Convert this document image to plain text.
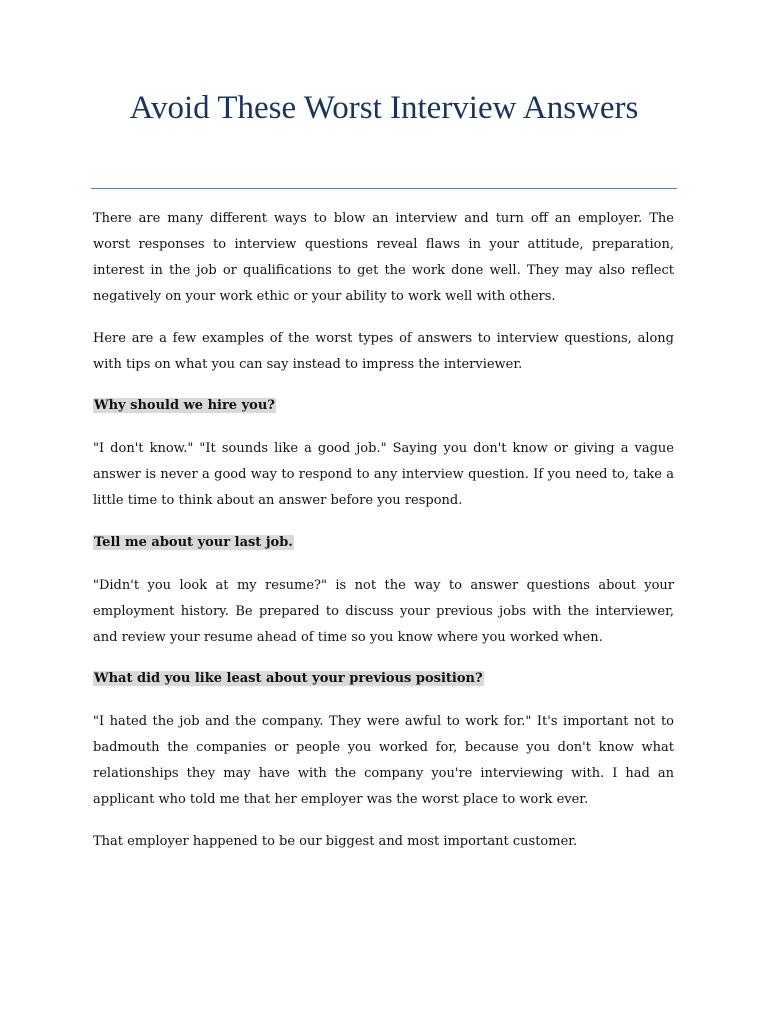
Avoid These Worst Interview Answers

There are many different ways to blow an interview and turn off an employer. The worst responses to interview questions reveal flaws in your attitude, preparation, interest in the job or qualifications to get the work done well. They may also reflect negatively on your work ethic or your ability to work well with others.

Here are a few examples of the worst types of answers to interview questions, along with tips on what you can say instead to impress the interviewer.

Why should we hire you?

"I don't know." "It sounds like a good job." Saying you don't know or giving a vague answer is never a good way to respond to any interview question. If you need to, take a little time to think about an answer before you respond.

Tell me about your last job.

"Didn't you look at my resume?" is not the way to answer questions about your employment history. Be prepared to discuss your previous jobs with the interviewer, and review your resume ahead of time so you know where you worked when.

What did you like least about your previous position?

"I hated the job and the company. They were awful to work for." It's important not to badmouth the companies or people you worked for, because you don't know what relationships they may have with the company you're interviewing with. I had an applicant who told me that her employer was the worst place to work ever.

That employer happened to be our biggest and most important customer.
